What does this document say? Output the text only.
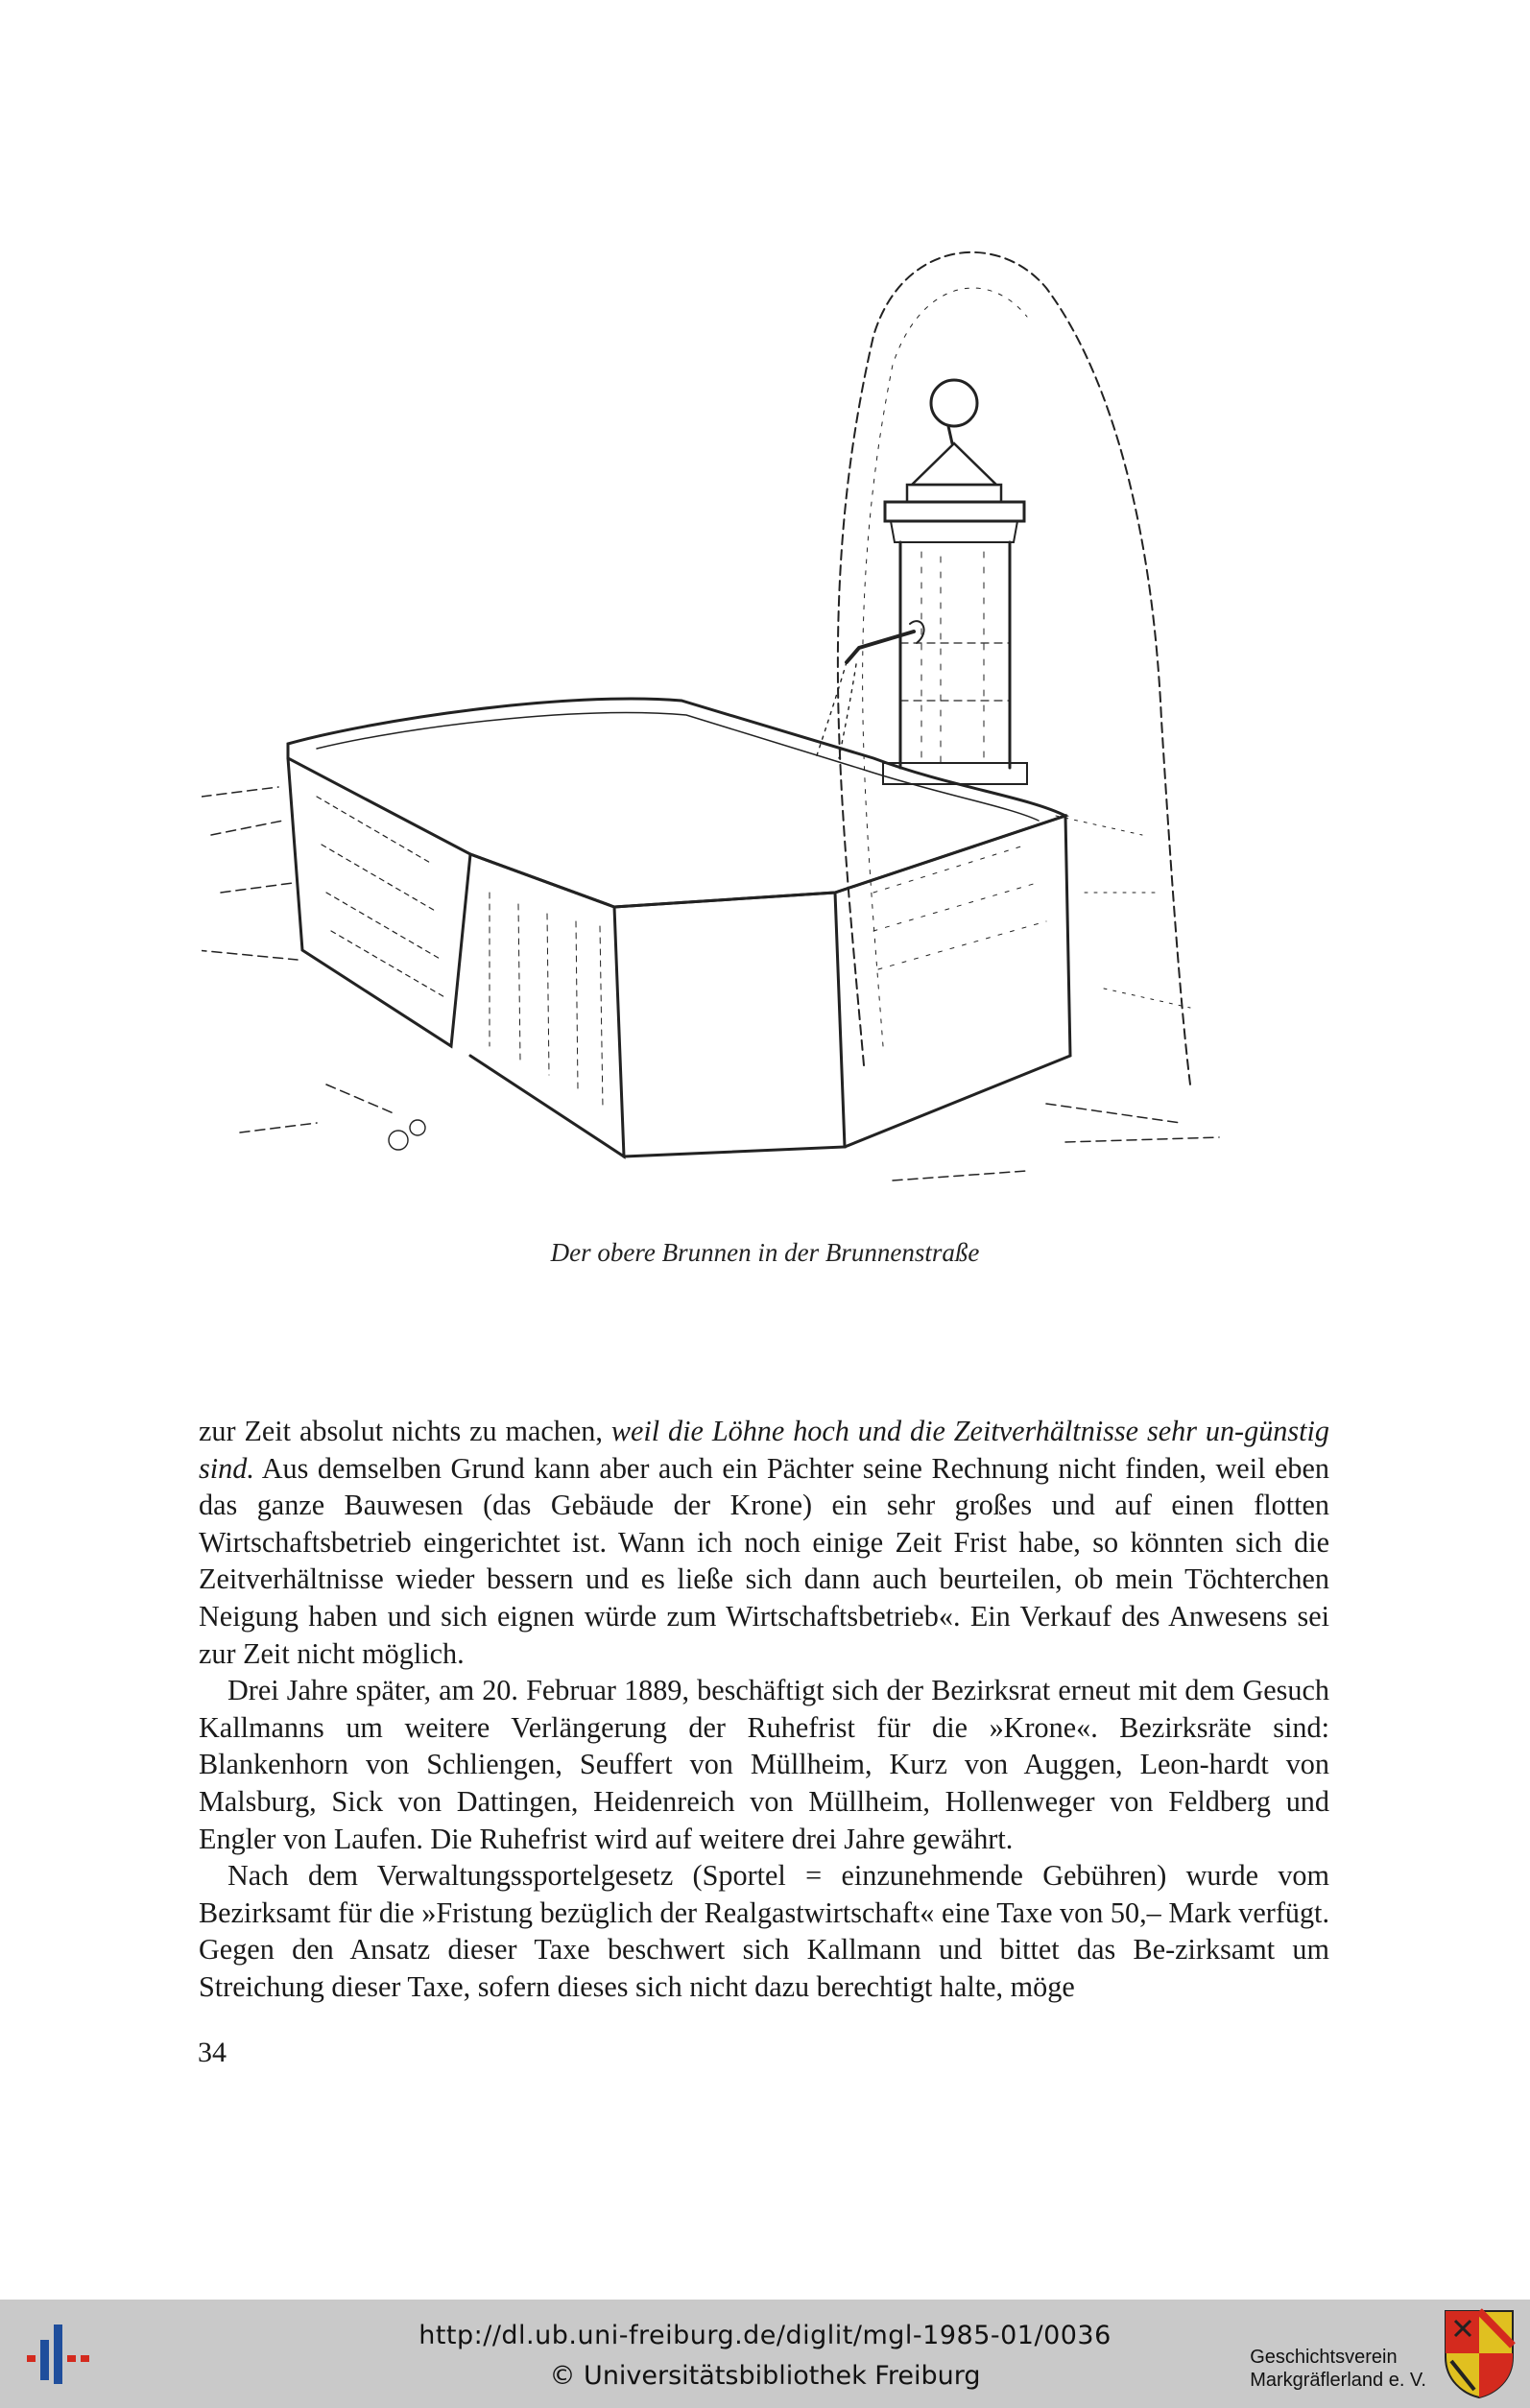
Der obere Brunnen in der Brunnenstraße

zur Zeit absolut nichts zu machen, weil die Löhne hoch und die Zeitverhältnisse sehr un-günstig sind. Aus demselben Grund kann aber auch ein Pächter seine Rechnung nicht finden, weil eben das ganze Bauwesen (das Gebäude der Krone) ein sehr großes und auf einen flotten Wirtschaftsbetrieb eingerichtet ist. Wann ich noch einige Zeit Frist habe, so könnten sich die Zeitverhältnisse wieder bessern und es ließe sich dann auch beurteilen, ob mein Töchterchen Neigung haben und sich eignen würde zum Wirtschaftsbetrieb«. Ein Verkauf des Anwesens sei zur Zeit nicht möglich.

Drei Jahre später, am 20. Februar 1889, beschäftigt sich der Bezirksrat erneut mit dem Gesuch Kallmanns um weitere Verlängerung der Ruhefrist für die »Krone«. Bezirksräte sind: Blankenhorn von Schliengen, Seuffert von Müllheim, Kurz von Auggen, Leon-hardt von Malsburg, Sick von Dattingen, Heidenreich von Müllheim, Hollenweger von Feldberg und Engler von Laufen. Die Ruhefrist wird auf weitere drei Jahre gewährt.

Nach dem Verwaltungssportelgesetz (Sportel = einzunehmende Gebühren) wurde vom Bezirksamt für die »Fristung bezüglich der Realgastwirtschaft« eine Taxe von 50,– Mark verfügt. Gegen den Ansatz dieser Taxe beschwert sich Kallmann und bittet das Be-zirksamt um Streichung dieser Taxe, sofern dieses sich nicht dazu berechtigt halte, möge

34
http://dl.ub.uni-freiburg.de/diglit/mgl-1985-01/0036
© Universitätsbibliothek Freiburg
Geschichtsverein
Markgräflerland e. V.
